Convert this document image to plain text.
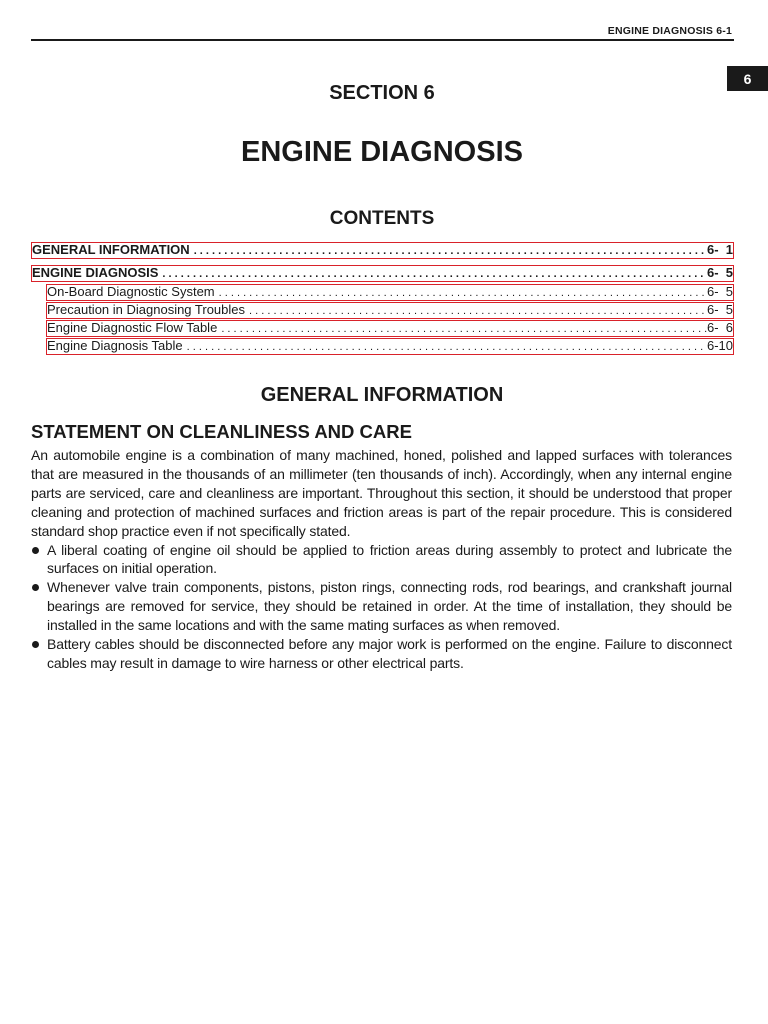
ENGINE DIAGNOSIS 6-1
6
SECTION 6
ENGINE DIAGNOSIS
CONTENTS
GENERAL INFORMATION . . .	6-  1
ENGINE DIAGNOSIS . . .	6-  5
On-Board Diagnostic System . . .	6-  5
Precaution in Diagnosing Troubles . . .	6-  5
Engine Diagnostic Flow Table . . .	6-  6
Engine Diagnosis Table . . .	6-10
GENERAL INFORMATION
STATEMENT ON CLEANLINESS AND CARE

An automobile engine is a combination of many machined, honed, polished and lapped surfaces with tolerances that are measured in the thousands of an millimeter (ten thousands of inch). Accordingly, when any internal engine parts are serviced, care and cleanliness are important. Throughout this section, it should be understood that proper cleaning and protection of machined surfaces and friction areas is part of the repair procedure. This is considered standard shop practice even if not specifically stated.

A liberal coating of engine oil should be applied to friction areas during assembly to protect and lubricate the surfaces on initial operation.
Whenever valve train components, pistons, piston rings, connecting rods, rod bearings, and crankshaft journal bearings are removed for service, they should be retained in order. At the time of installation, they should be installed in the same locations and with the same mating surfaces as when removed.
Battery cables should be disconnected before any major work is performed on the engine. Failure to disconnect cables may result in damage to wire harness or other electrical parts.
